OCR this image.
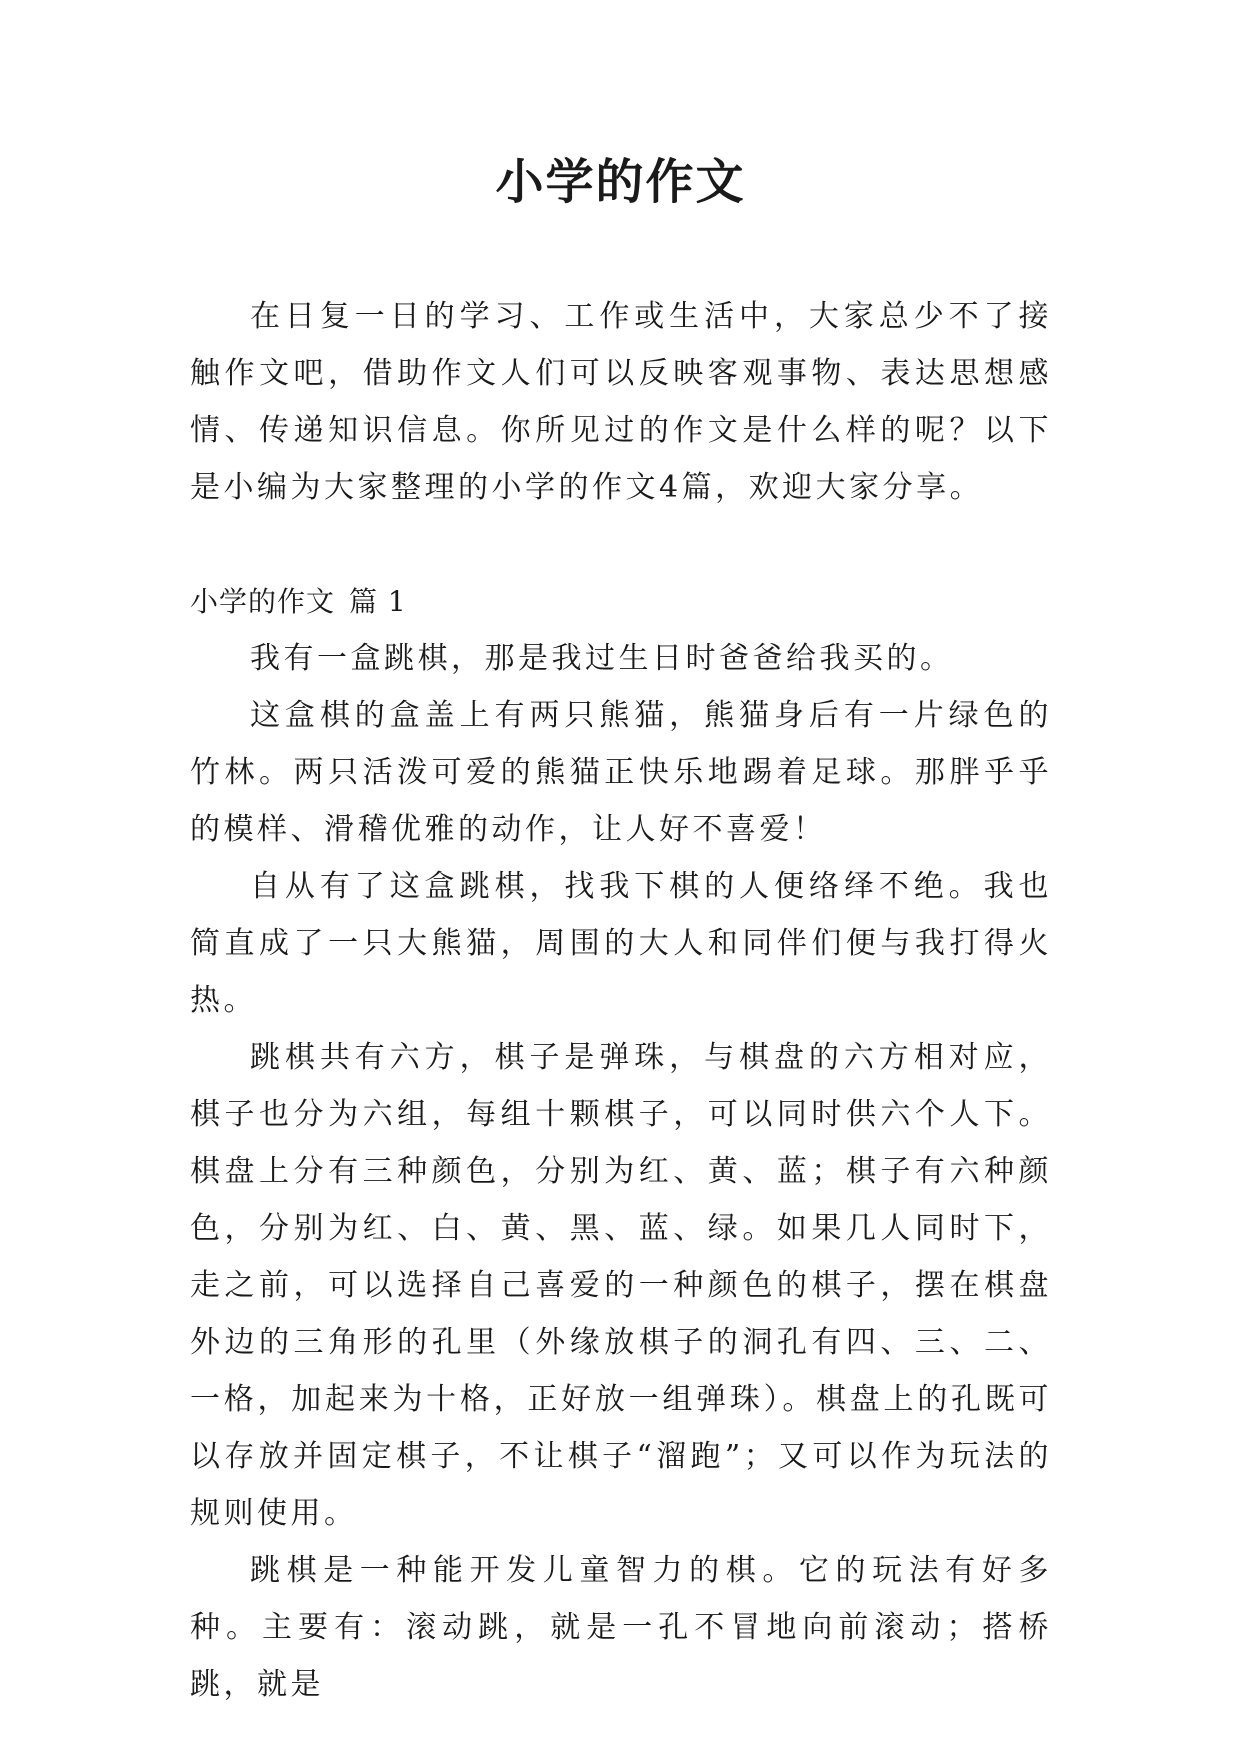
小学的作文

在日复一日的学习、工作或生活中，大家总少不了接触作文吧，借助作文人们可以反映客观事物、表达思想感情、传递知识信息。你所见过的作文是什么样的呢？以下是小编为大家整理的小学的作文4篇，欢迎大家分享。

小学的作文 篇 1

我有一盒跳棋，那是我过生日时爸爸给我买的。

这盒棋的盒盖上有两只熊猫，熊猫身后有一片绿色的竹林。两只活泼可爱的熊猫正快乐地踢着足球。那胖乎乎的模样、滑稽优雅的动作，让人好不喜爱！

自从有了这盒跳棋，找我下棋的人便络绎不绝。我也简直成了一只大熊猫，周围的大人和同伴们便与我打得火热。

跳棋共有六方，棋子是弹珠，与棋盘的六方相对应，棋子也分为六组，每组十颗棋子，可以同时供六个人下。棋盘上分有三种颜色，分别为红、黄、蓝；棋子有六种颜色，分别为红、白、黄、黑、蓝、绿。如果几人同时下，走之前，可以选择自己喜爱的一种颜色的棋子，摆在棋盘外边的三角形的孔里（外缘放棋子的洞孔有四、三、二、一格，加起来为十格，正好放一组弹珠）。棋盘上的孔既可以存放并固定棋子，不让棋子“溜跑”；又可以作为玩法的规则使用。

跳棋是一种能开发儿童智力的棋。它的玩法有好多种。主要有：滚动跳，就是一孔不冒地向前滚动；搭桥跳，就是
